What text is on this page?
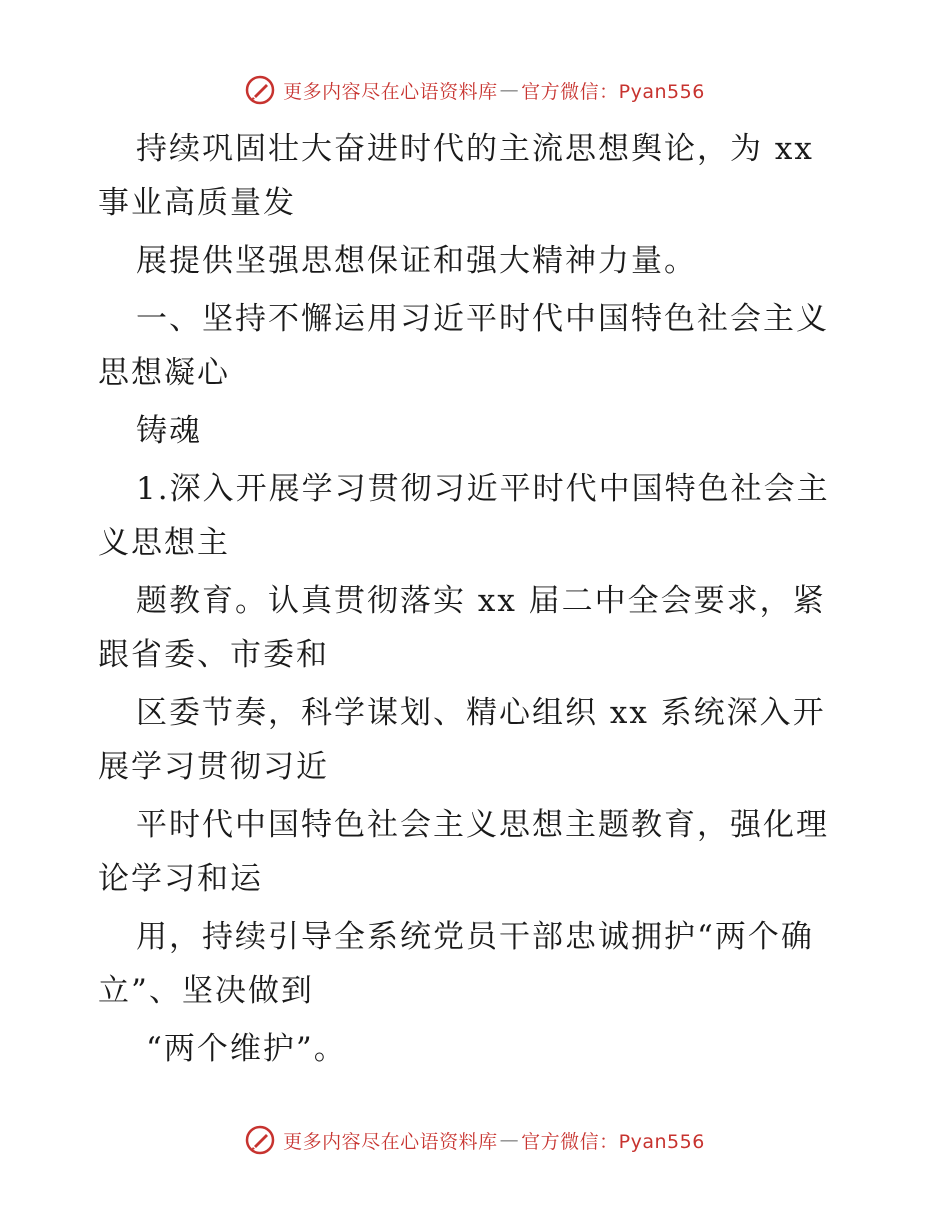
更多内容尽在心语资料库 — 官方微信：Pyan556
持续巩固壮大奋进时代的主流思想舆论，为 xx
事业高质量发
展提供坚强思想保证和强大精神力量。
一、坚持不懈运用习近平时代中国特色社会主义
思想凝心
铸魂
1.深入开展学习贯彻习近平时代中国特色社会主
义思想主
题教育。认真贯彻落实 xx 届二中全会要求，紧
跟省委、市委和
区委节奏，科学谋划、精心组织 xx 系统深入开
展学习贯彻习近
平时代中国特色社会主义思想主题教育，强化理
论学习和运
用，持续引导全系统党员干部忠诚拥护“两个确
立”、坚决做到
“两个维护”。
更多内容尽在心语资料库 — 官方微信：Pyan556
